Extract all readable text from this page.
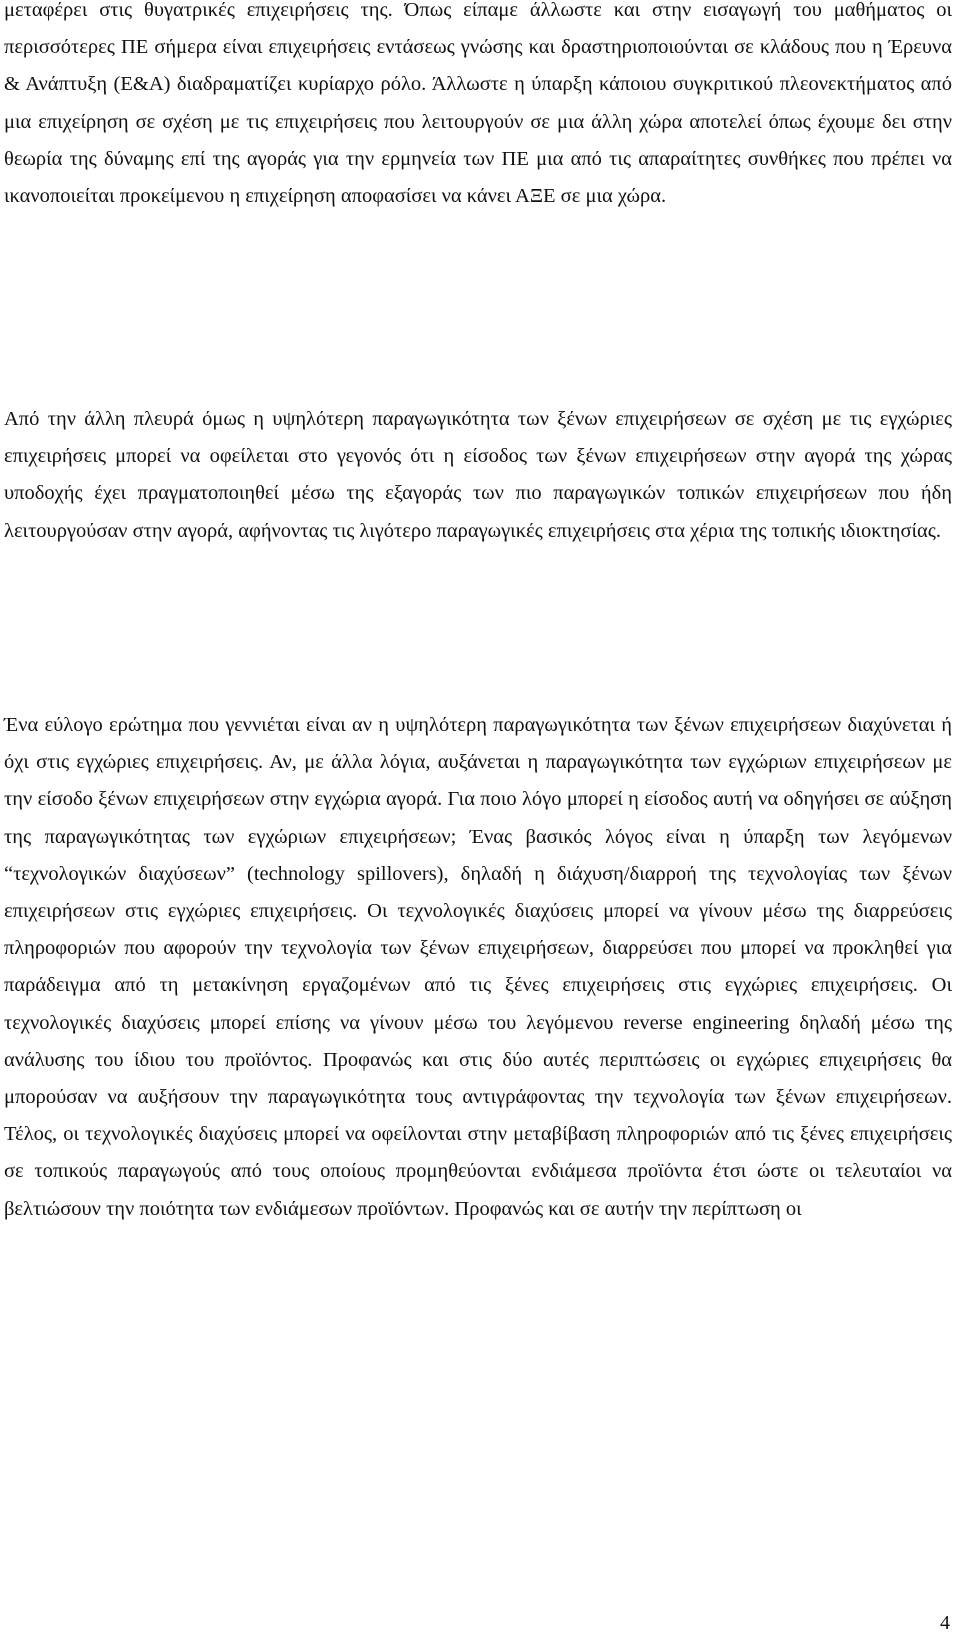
μεταφέρει στις θυγατρικές επιχειρήσεις της. Όπως είπαμε άλλωστε και στην εισαγωγή του μαθήματος οι περισσότερες ΠΕ σήμερα είναι επιχειρήσεις εντάσεως γνώσης και δραστηριοποιούνται σε κλάδους που η Έρευνα & Ανάπτυξη (Ε&Α) διαδραματίζει κυρίαρχο ρόλο. Άλλωστε η ύπαρξη κάποιου συγκριτικού πλεονεκτήματος από μια επιχείρηση σε σχέση με τις επιχειρήσεις που λειτουργούν σε μια άλλη χώρα αποτελεί όπως έχουμε δει στην θεωρία της δύναμης επί της αγοράς για την ερμηνεία των ΠΕ μια από τις απαραίτητες συνθήκες που πρέπει να ικανοποιείται προκείμενου η επιχείρηση αποφασίσει να κάνει ΑΞΕ σε μια χώρα.

Από την άλλη πλευρά όμως η υψηλότερη παραγωγικότητα των ξένων επιχειρήσεων σε σχέση με τις εγχώριες επιχειρήσεις μπορεί να οφείλεται στο γεγονός ότι η είσοδος των ξένων επιχειρήσεων στην αγορά της χώρας υποδοχής έχει πραγματοποιηθεί μέσω της εξαγοράς των πιο παραγωγικών τοπικών επιχειρήσεων που ήδη λειτουργούσαν στην αγορά, αφήνοντας τις λιγότερο παραγωγικές επιχειρήσεις στα χέρια της τοπικής ιδιοκτησίας.

Ένα εύλογο ερώτημα που γεννιέται είναι αν η υψηλότερη παραγωγικότητα των ξένων επιχειρήσεων διαχύνεται ή όχι στις εγχώριες επιχειρήσεις. Αν, με άλλα λόγια, αυξάνεται η παραγωγικότητα των εγχώριων επιχειρήσεων με την είσοδο ξένων επιχειρήσεων στην εγχώρια αγορά. Για ποιο λόγο μπορεί η είσοδος αυτή να οδηγήσει σε αύξηση της παραγωγικότητας των εγχώριων επιχειρήσεων; Ένας βασικός λόγος είναι η ύπαρξη των λεγόμενων “τεχνολογικών διαχύσεων” (technology spillovers), δηλαδή η διάχυση/διαρροή της τεχνολογίας των ξένων επιχειρήσεων στις εγχώριες επιχειρήσεις. Οι τεχνολογικές διαχύσεις μπορεί να γίνουν μέσω της διαρρεύσεις πληροφοριών που αφορούν την τεχνολογία των ξένων επιχειρήσεων, διαρρεύσει που μπορεί να προκληθεί για παράδειγμα από τη μετακίνηση εργαζομένων από τις ξένες επιχειρήσεις στις εγχώριες επιχειρήσεις. Οι τεχνολογικές διαχύσεις μπορεί επίσης να γίνουν μέσω του λεγόμενου reverse engineering δηλαδή μέσω της ανάλυσης του ίδιου του προϊόντος. Προφανώς και στις δύο αυτές περιπτώσεις οι εγχώριες επιχειρήσεις θα μπορούσαν να αυξήσουν την παραγωγικότητα τους αντιγράφοντας την τεχνολογία των ξένων επιχειρήσεων. Τέλος, οι τεχνολογικές διαχύσεις μπορεί να οφείλονται στην μεταβίβαση πληροφοριών από τις ξένες επιχειρήσεις σε τοπικούς παραγωγούς από τους οποίους προμηθεύονται ενδιάμεσα προϊόντα έτσι ώστε οι τελευταίοι να βελτιώσουν την ποιότητα των ενδιάμεσων προϊόντων. Προφανώς και σε αυτήν την περίπτωση οι

4
